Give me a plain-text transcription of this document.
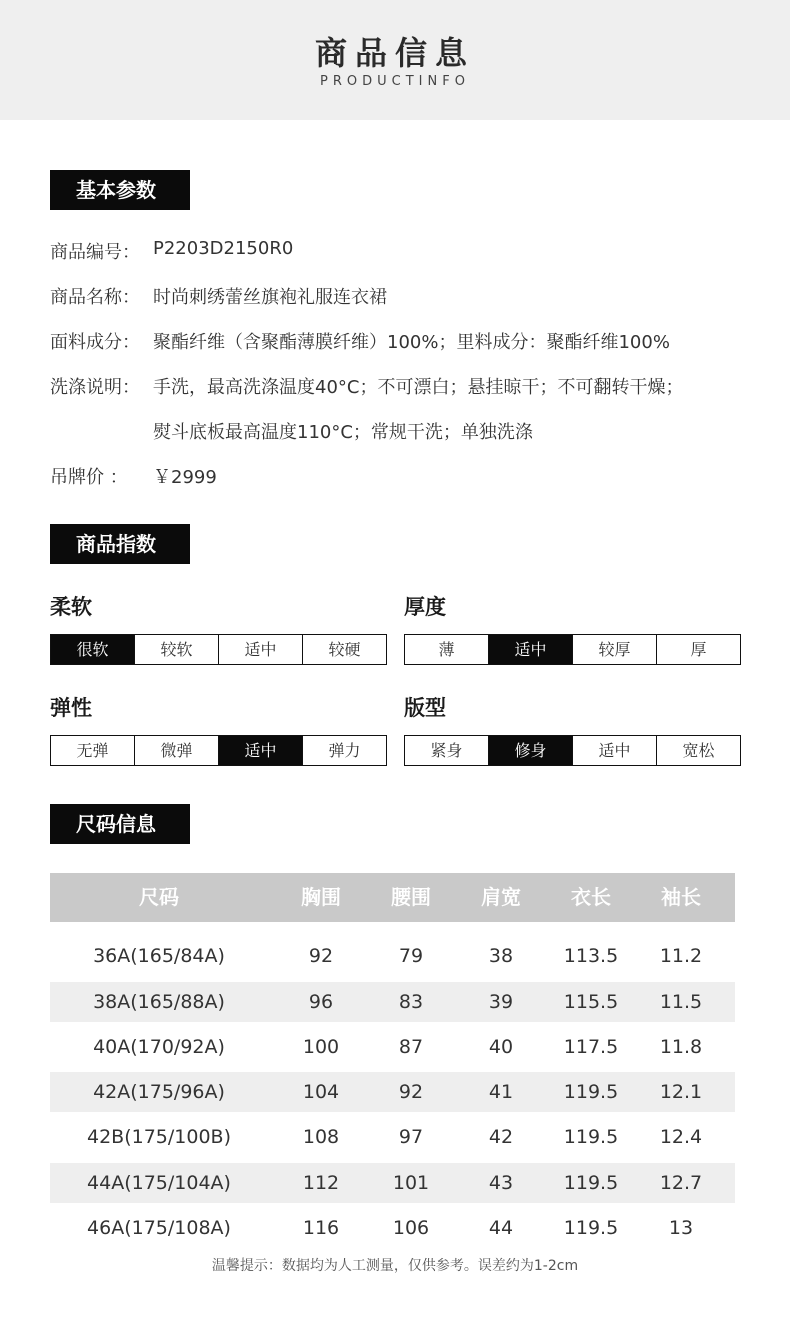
商品信息
PRODUCTINFO
基本参数
商品编号： P2203D2150R0
商品名称： 时尚刺绣蕾丝旗袍礼服连衣裙
面料成分： 聚酯纤维（含聚酯薄膜纤维）100%；里料成分：聚酯纤维100%
洗涤说明： 手洗，最高洗涤温度40°C；不可漂白；悬挂晾干；不可翻转干燥；
熨斗底板最高温度110°C；常规干洗；单独洗涤
吊牌价 ： ￥2999
商品指数
柔软
很软	较软	适中	较硬
厚度
薄	适中	较厚	厚
弹性
无弹	微弹	适中	弹力
版型
紧身	修身	适中	宽松
尺码信息
尺码	胸围	腰围	肩宽	衣长	袖长
36A(165/84A)	92	79	38	113.5	11.2
38A(165/88A)	96	83	39	115.5	11.5
40A(170/92A)	100	87	40	117.5	11.8
42A(175/96A)	104	92	41	119.5	12.1
42B(175/100B)	108	97	42	119.5	12.4
44A(175/104A)	112	101	43	119.5	12.7
46A(175/108A)	116	106	44	119.5	13
温馨提示：数据均为人工测量，仅供参考。误差约为1-2cm
